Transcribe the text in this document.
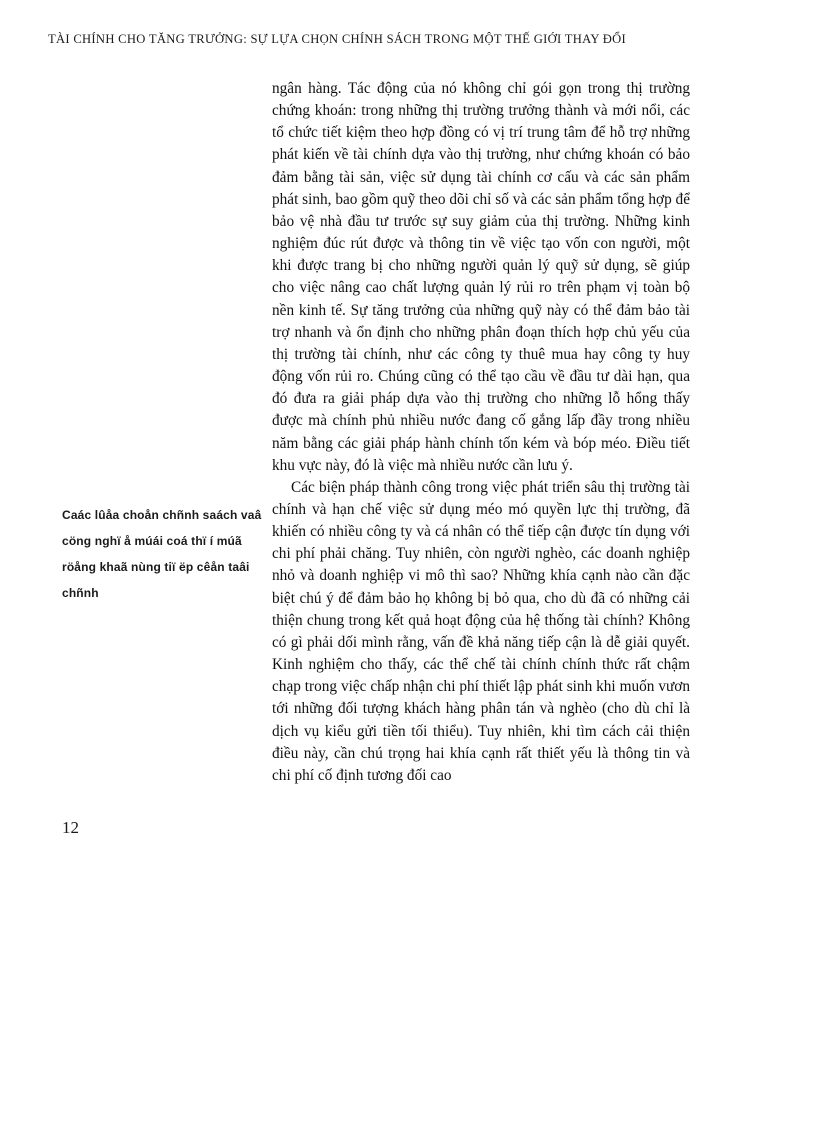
TÀI CHÍNH CHO TĂNG TRƯỞNG: SỰ LỰA CHỌN CHÍNH SÁCH TRONG MỘT THẾ GIỚI THAY ĐỔI

ngân hàng. Tác động của nó không chỉ gói gọn trong thị trường chứng khoán: trong những thị trường trưởng thành và mới nổi, các tổ chức tiết kiệm theo hợp đồng có vị trí trung tâm để hỗ trợ những phát kiến về tài chính dựa vào thị trường, như chứng khoán có bảo đảm bằng tài sản, việc sử dụng tài chính cơ cấu và các sản phẩm phát sinh, bao gồm quỹ theo dõi chỉ số và các sản phẩm tổng hợp để bảo vệ nhà đầu tư trước sự suy giảm của thị trường. Những kinh nghiệm đúc rút được và thông tin về việc tạo vốn con người, một khi được trang bị cho những người quản lý quỹ sử dụng, sẽ giúp cho việc nâng cao chất lượng quản lý rủi ro trên phạm vị toàn bộ nền kinh tế. Sự tăng trưởng của những quỹ này có thể đảm bảo tài trợ nhanh và ổn định cho những phân đoạn thích hợp chủ yếu của thị trường tài chính, như các công ty thuê mua hay công ty huy động vốn rủi ro. Chúng cũng có thể tạo cầu về đầu tư dài hạn, qua đó đưa ra giải pháp dựa vào thị trường cho những lỗ hổng thấy được mà chính phủ nhiều nước đang cố gắng lấp đầy trong nhiều năm bằng các giải pháp hành chính tốn kém và bóp méo. Điều tiết khu vực này, đó là việc mà nhiều nước cần lưu ý.

Các biện pháp thành công trong việc phát triển sâu thị trường tài chính và hạn chế việc sử dụng méo mó quyền lực thị trường, đã khiến có nhiều công ty và cá nhân có thể tiếp cận được tín dụng với chi phí phải chăng. Tuy nhiên, còn người nghèo, các doanh nghiệp nhỏ và doanh nghiệp vi mô thì sao? Những khía cạnh nào cần đặc biệt chú ý để đảm bảo họ không bị bỏ qua, cho dù đã có những cải thiện chung trong kết quả hoạt động của hệ thống tài chính? Không có gì phải dối mình rằng, vấn đề khả năng tiếp cận là dễ giải quyết. Kinh nghiệm cho thấy, các thể chế tài chính chính thức rất chậm chạp trong việc chấp nhận chi phí thiết lập phát sinh khi muốn vươn tới những đối tượng khách hàng phân tán và nghèo (cho dù chỉ là dịch vụ kiểu gửi tiền tối thiểu). Tuy nhiên, khi tìm cách cải thiện điều này, cần chú trọng hai khía cạnh rất thiết yếu là thông tin và chi phí cố định tương đối cao

Caác lûåa choån chñnh saách vaâ cöng nghï å múái coá thï í múã röång khaã nùng tiï ëp cêån taâi chñnh
12
